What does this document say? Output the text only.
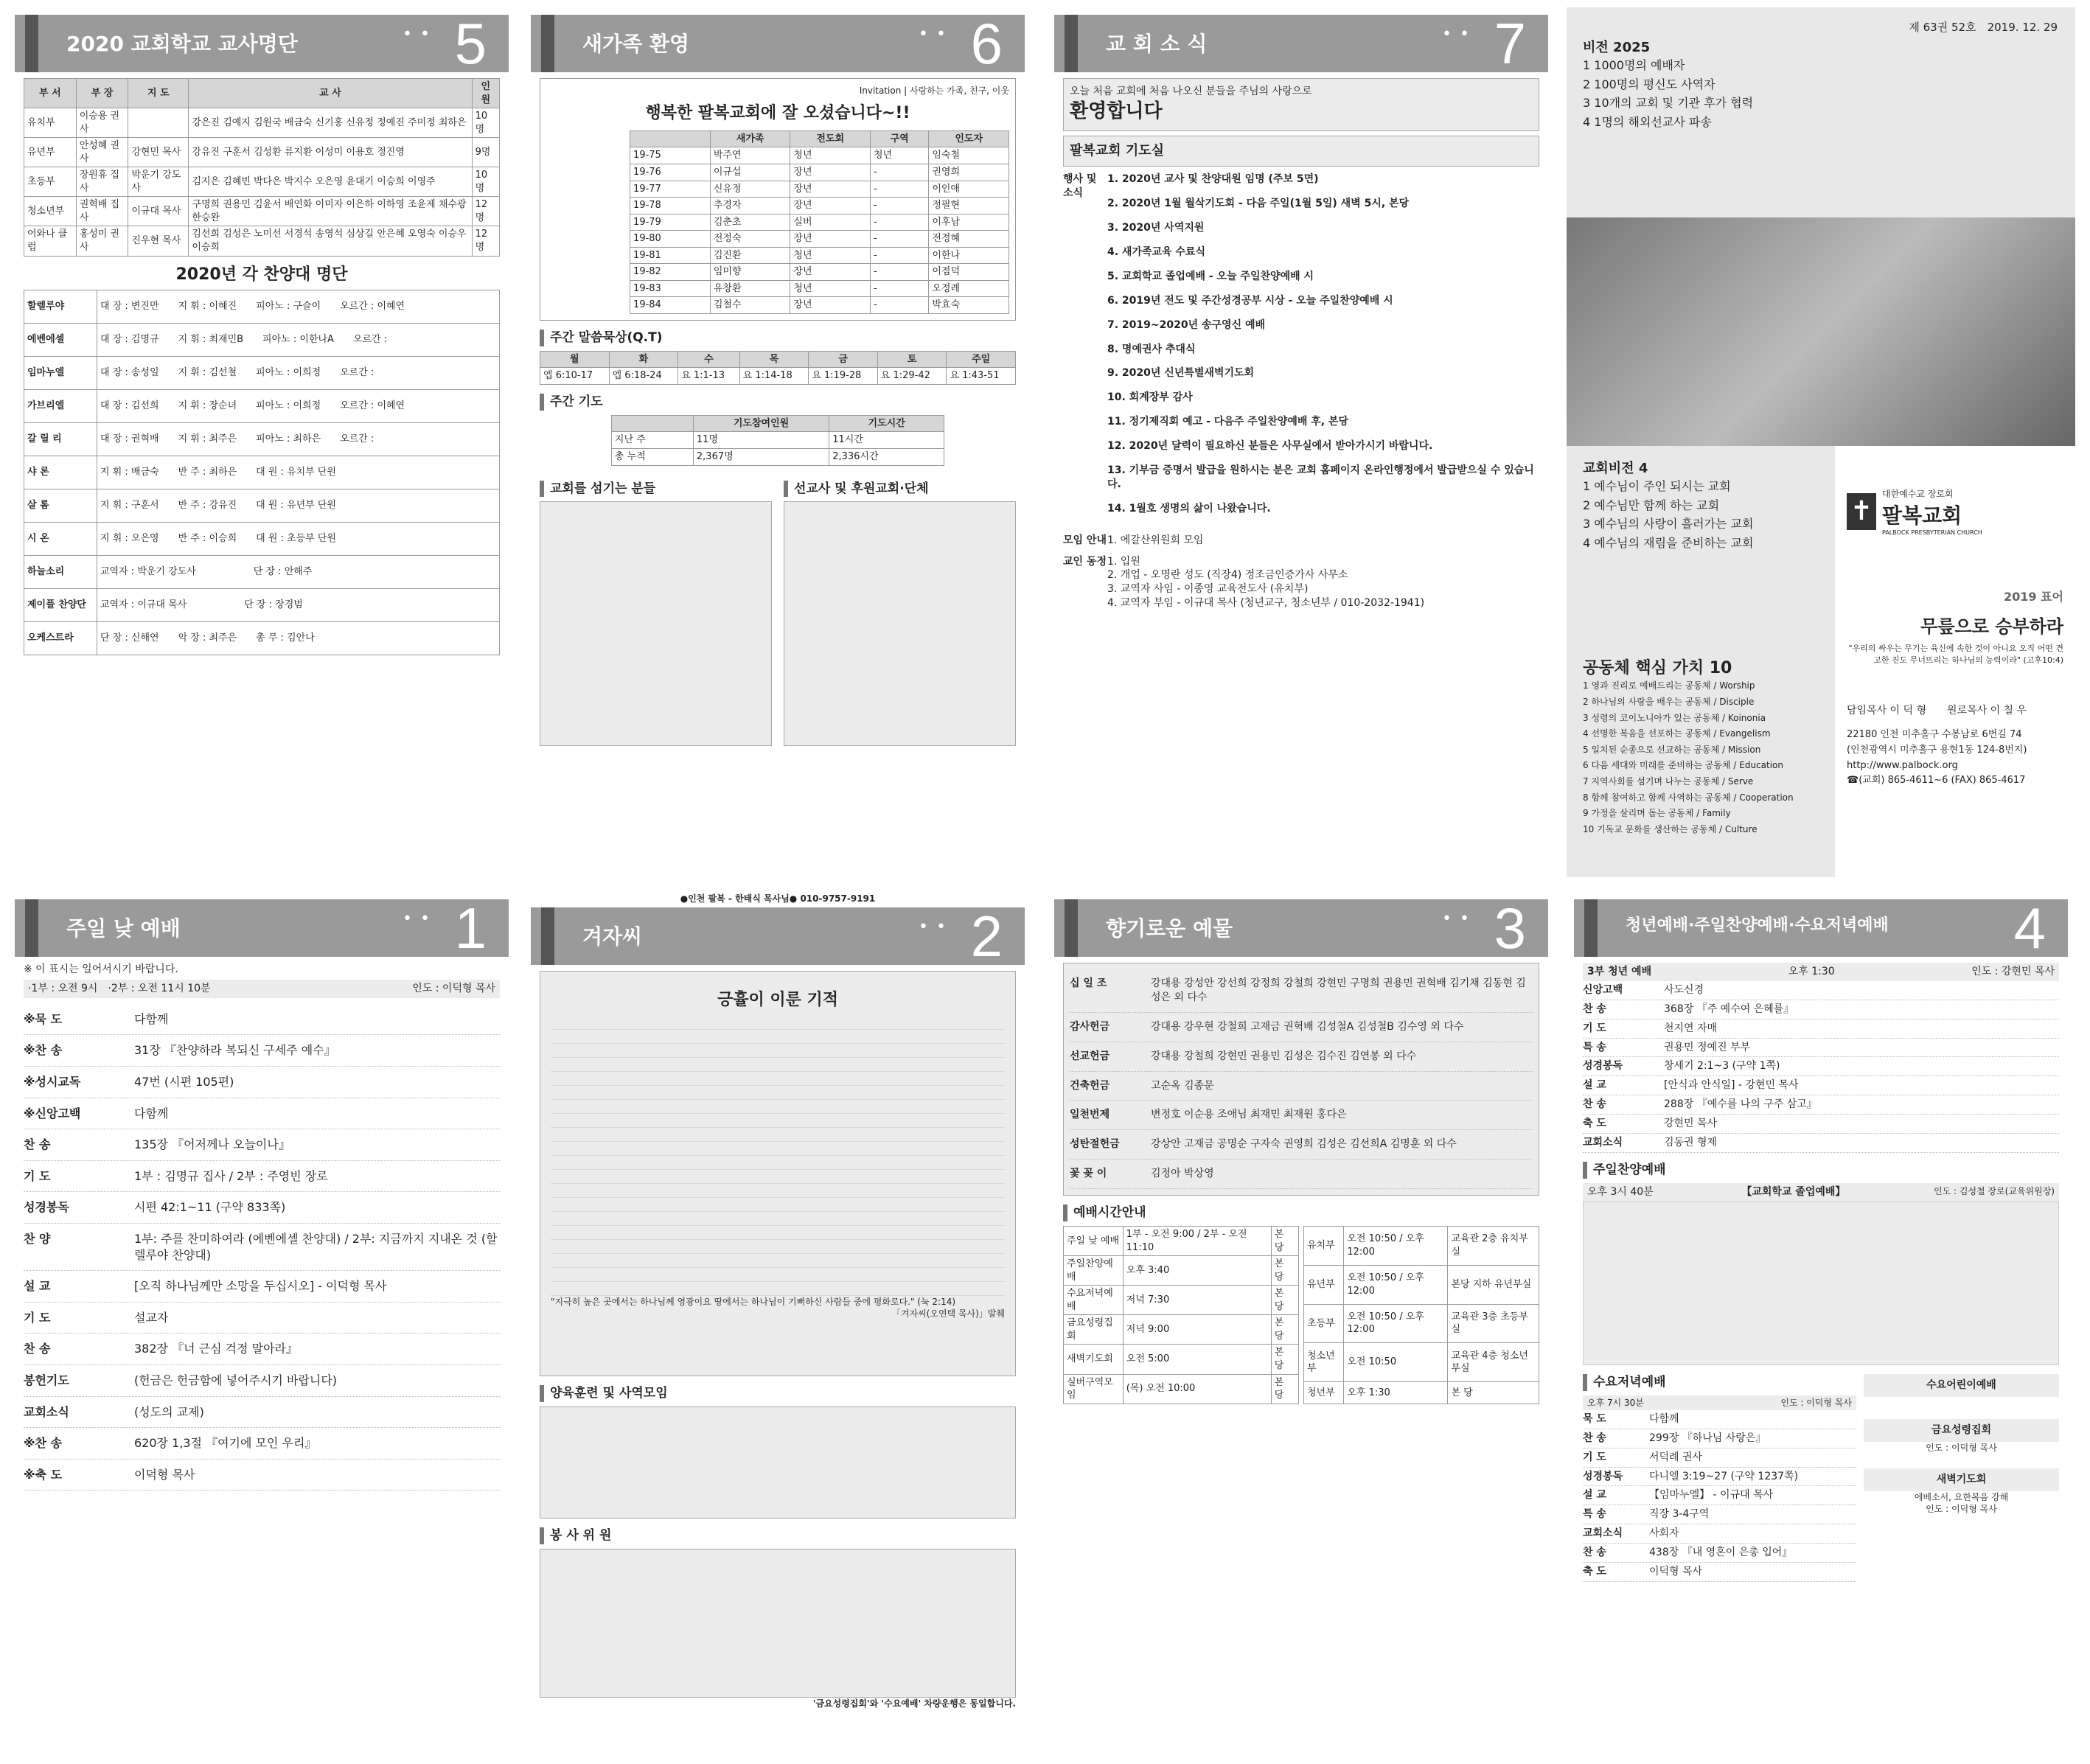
2020 교회학교 교사명단	• • 5
부 서	부 장	지 도	교 사	인 원
유치부	이승용 권사		강은진 김예지 김원국 배금숙 신기홍 신유정 정예진 주미정 최하은	10명
유년부	안성혜 권사	강현민 목사	강유진 구훈서 김성환 류지환 이성미 이용호 정진영	9명
초등부	장원휴 집사	박운기 강도사	김지은 김혜빈 박다은 박지수 오은영 윤대기 이승희 이영주	10명
청소년부	권혁배 집사	이규대 목사	구명희 권용민 김윤서 배연화 이미자 이은하 이하영 조윤제 채수광 한승완	12명
어와나 클럽	홍성미 권사	진우현 목사	김선희 김성은 노미선 서경석 송영석 심상길 안은혜 오영숙 이승우 이승희	12명
2020년 각 찬양대 명단
할렐루야	대 장 : 변진만　　지 휘 : 이혜진　　피아노 : 구슬이　　오르간 : 이혜연
에벤에셀	대 장 : 김명규　　지 휘 : 최재민B　　피아노 : 이한나A　　오르간 :
임마누엘	대 장 : 송성일　　지 휘 : 김선철　　피아노 : 이희정　　오르간 :
가브리엘	대 장 : 김선희　　지 휘 : 장순녀　　피아노 : 이희정　　오르간 : 이혜연
갈 릴 리	대 장 : 권혁배　　지 휘 : 최주은　　피아노 : 최하은　　오르간 :
샤 론	지 휘 : 배금숙　　반 주 : 최하은　　대 원 : 유치부 단원
살 롬	지 휘 : 구훈서　　반 주 : 강유진　　대 원 : 유년부 단원
시 온	지 휘 : 오은영　　반 주 : 이승희　　대 원 : 초등부 단원
하늘소리	교역자 : 박운기 강도사　　　　　　단 장 : 안해주
제이플 찬양단	교역자 : 이규대 목사　　　　　　단 장 : 장경범
오케스트라	단 장 : 신해연　　악 장 : 최주은　　총 무 : 김안나
새가족 환영	• • 6
Invitation | 사랑하는 가족, 친구, 이웃
행복한 팔복교회에 잘 오셨습니다~!!
	새가족	전도회	구역	인도자
19-75	박주연	청년	청년	임숙철
19-76	이규섭	장년	-	권영희
19-77	신유정	장년	-	이인애
19-78	추경자	장년	-	정필현
19-79	김춘초	실버	-	이후남
19-80	전정숙	장년	-	전정혜
19-81	김진환	청년	-	이한나
19-82	임미향	장년	-	이점덕
19-83	유창환	청년	-	오정례
19-84	김철수	장년	-	박효숙
주간 말씀묵상(Q.T)
월	화	수	목	금	토	주일
엡 6:10-17	엡 6:18-24	요 1:1-13	요 1:14-18	요 1:19-28	요 1:29-42	요 1:43-51
주간 기도
	기도참여인원	기도시간
지난 주	11명	11시간
총 누적	2,367명	2,336시간
교회를 섬기는 분들	선교사 및 후원교회·단체
교 회 소 식	• • 7
오늘 처음 교회에 처음 나오신 분들을 주님의 사랑으로
환영합니다
팔복교회 기도실
행사 및 소식
1. 2020년 교사 및 찬양대원 임명 (주보 5면)
2. 2020년 1월 월삭기도회 - 다음 주일(1월 5일) 새벽 5시, 본당
3. 2020년 사역지원
4. 새가족교육 수료식
5. 교회학교 졸업예배 - 오늘 주일찬양예배 시
6. 2019년 전도 및 주간성경공부 시상 - 오늘 주일찬양예배 시
7. 2019~2020년 송구영신 예배
8. 명예권사 추대식
9. 2020년 신년특별새벽기도회
10. 회계장부 감사
11. 정기제직회 예고 - 다음주 주일찬양예배 후, 본당
12. 2020년 달력이 필요하신 분들은 사무실에서 받아가시기 바랍니다.
13. 기부금 증명서 발급을 원하시는 분은 교회 홈페이지 온라인행정에서 발급받으실 수 있습니다.
14. 1월호 생명의 삶이 나왔습니다.
모임 안내 1. 에갈산위원회 모임
교인 동정 1. 입원
2. 개업 - 오명란 성도 (직장4) 정조금인증가사 사무소
3. 교역자 사임 - 이종영 교육전도사 (유치부)
4. 교역자 부임 - 이규대 목사 (청년교구, 청소년부 / 010-2032-1941)
제 63권 52호　 2019. 12. 29
비전 2025
1 1000명의 예배자
2 100명의 평신도 사역자
3 10개의 교회 및 기관 후가 협력
4 1명의 해외선교사 파송
교회비전 4
1 예수님이 주인 되시는 교회
2 예수님만 함께 하는 교회
3 예수님의 사랑이 흘러가는 교회
4 예수님의 재림을 준비하는 교회
공동체 핵심 가치 10
1 영과 진리로 예배드리는 공동체 / Worship
2 하나님의 사랑을 배우는 공동체 / Disciple
3 성령의 코이노니아가 있는 공동체 / Koinonia
4 선명한 복음을 선포하는 공동체 / Evangelism
5 일치된 순종으로 선교하는 공동체 / Mission
6 다음 세대와 미래를 준비하는 공동체 / Education
7 지역사회를 섬기며 나누는 공동체 / Serve
8 함께 참여하고 함께 사역하는 공동체 / Cooperation
9 가정을 살리며 돕는 공동체 / Family
10 기독교 문화를 생산하는 공동체 / Culture
✝
대한예수교 장로회
팔복교회
PALBOCK PRESBYTERIAN CHURCH
2019 표어
무릎으로 승부하라
"우리의 싸우는 무기는 육신에 속한 것이 아니요 오직 어떤 견고한 진도 무너뜨리는 하나님의 능력이라" (고후10:4)
담임목사 이 덕 형　　원로목사 이 칠 우
22180 인천 미추홀구 수봉남로 6번길 74
(인천광역시 미추홀구 용현1동 124-8번지)
http://www.palbock.org
☎(교회) 865-4611~6 (FAX) 865-4617
주일 낮 예배	• • 1
※ 이 표시는 일어서시기 바랍니다.
·1부 : 오전 9시　·2부 : 오전 11시 10분	인도 : 이덕형 목사
※묵 도	다함께
※찬 송	31장 『찬양하라 복되신 구세주 예수』
※성시교독	47번 (시편 105편)
※신앙고백	다함께
찬 송	135장 『어저께나 오늘이나』
기 도	1부 : 김명규 집사 / 2부 : 주영빈 장로
성경봉독	시편 42:1~11 (구약 833쪽)
찬 양	1부: 주를 찬미하여라 (에벤에셀 찬양대) / 2부: 지금까지 지내온 것 (할렐루야 찬양대)
설 교	[오직 하나님께만 소망을 두십시오] - 이덕형 목사
기 도	설교자
찬 송	382장 『너 근심 걱정 말아라』
봉헌기도	(헌금은 헌금함에 넣어주시기 바랍니다)
교회소식	(성도의 교제)
※찬 송	620장 1,3절 『여기에 모인 우리』
※축 도	이덕형 목사
●인천 팔복 - 한태식 목사님● 010-9757-9191
겨자씨	• • 2
긍휼이 이룬 기적
"지극히 높은 곳에서는 하나님께 영광이요 땅에서는 하나님이 기뻐하신 사람들 중에 평화로다." (눅 2:14)
「겨자씨(오연택 목사)」발췌
양육훈련 및 사역모임
봉 사 위 원
'금요성령집회'와 '수요예배' 차량운행은 동일합니다.
향기로운 예물	• • 3
십 일 조	강대용 강성안 강선희 강정희 강철희 강현민 구명희 권용민 권혁배 김기채 김동현 김성은 외 다수
감사헌금	강대용 강우현 강철희 고재금 권혁배 김성철A 김성철B 김수영 외 다수
선교헌금	강대용 강철희 강현민 권용민 김성은 김수진 김연봉 외 다수
건축헌금	고순옥 김종문
일천번제	변정호 이순용 조애님 최재민 최재원 홍다은
성탄절헌금	강상안 고재금 공명순 구자숙 권영희 김성은 김선희A 김명훈 외 다수
꽃 꽂 이	김정아 박상영
예배시간안내
주일 낮 예배	1부 - 오전 9:00 / 2부 - 오전11:10	본 당
주일찬양예배	오후 3:40	본 당
수요저녁예배	저녁 7:30	본 당
금요성령집회	저녁 9:00	본 당
새벽기도회	오전 5:00	본 당
실버구역모임	(목) 오전 10:00	본 당
유치부	오전 10:50 / 오후 12:00	교육관 2층 유치부실
유년부	오전 10:50 / 오후 12:00	본당 지하 유년부실
초등부	오전 10:50 / 오후 12:00	교육관 3층 초등부실
청소년부	오전 10:50	교육관 4층 청소년부실
청년부	오후 1:30	본 당
청년예배·주일찬양예배·수요저녁예배 4
3부 청년 예배	오후 1:30	인도 : 강현민 목사
신앙고백	사도신경
찬 송	368장 『주 예수여 은혜를』
기 도	천지연 자매
특 송	권용민 정예진 부부
성경봉독	창세기 2:1~3 (구약 1쪽)
설 교	[안식과 안식일] - 강현민 목사
찬 송	288장 『예수를 나의 구주 삼고』
축 도	강현민 목사
교회소식	김동권 형제
주일찬양예배
오후 3시 40분	【교회학교 졸업예배】	인도 : 김성철 장로(교육위원장)
수요저녁예배
오후 7시 30분	인도 : 이덕형 목사
묵 도	다함께
찬 송	299장 『하나님 사랑은』
기 도	서덕례 권사
성경봉독	다니엘 3:19~27 (구약 1237쪽)
설 교	【임마누엘】 - 이규대 목사
특 송	직장 3-4구역
교회소식	사회자
찬 송	438장 『내 영혼이 은총 입어』
축 도	이덕형 목사
수요어린이예배
금요성령집회
인도 : 이덕형 목사
새벽기도회
에베소서, 요한복음 강해
인도 : 이덕형 목사
